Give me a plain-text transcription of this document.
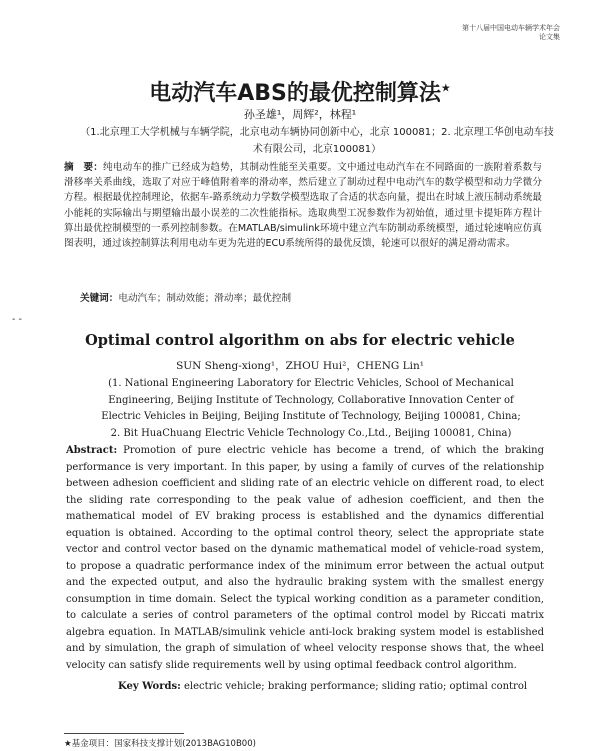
第十八届中国电动车辆学术年会
论文集
电动汽车ABS的最优控制算法★
孙圣雄¹，周辉²，林程¹
（1.北京理工大学机械与车辆学院，北京电动车辆协同创新中心，北京 100081；2. 北京理工华创电动车技术有限公司，北京100081）
摘　要：纯电动车的推广已经成为趋势，其制动性能至关重要。文中通过电动汽车在不同路面的一族附着系数与滑移率关系曲线，选取了对应于峰值附着率的滑动率，然后建立了制动过程中电动汽车的数学模型和动力学微分方程。根据最优控制理论，依据车-路系统动力学数学模型选取了合适的状态向量，提出在时域上液压制动系统最小能耗的实际输出与期望输出最小误差的二次性能指标。选取典型工况参数作为初始值，通过里卡提矩阵方程计算出最优控制模型的一系列控制参数。在MATLAB/simulink环境中建立汽车防制动系统模型，通过轮速响应仿真图表明，通过该控制算法利用电动车更为先进的ECU系统所得的最优反馈，轮速可以很好的满足滑动需求。
关键词：电动汽车；制动效能；滑动率；最优控制
- -
Optimal control algorithm on abs for electric vehicle
SUN Sheng-xiong¹，ZHOU Hui²，CHENG Lin¹
(1. National Engineering Laboratory for Electric Vehicles, School of Mechanical Engineering, Beijing Institute of Technology, Collaborative Innovation Center of Electric Vehicles in Beijing, Beijing Institute of Technology, Beijing 100081, China; 2. Bit HuaChuang Electric Vehicle Technology Co.,Ltd., Beijing 100081, China)
Abstract: Promotion of pure electric vehicle has become a trend, of which the braking performance is very important. In this paper, by using a family of curves of the relationship between adhesion coefficient and sliding rate of an electric vehicle on different road, to elect the sliding rate corresponding to the peak value of adhesion coefficient, and then the mathematical model of EV braking process is established and the dynamics differential equation is obtained. According to the optimal control theory, select the appropriate state vector and control vector based on the dynamic mathematical model of vehicle-road system, to propose a quadratic performance index of the minimum error between the actual output and the expected output, and also the hydraulic braking system with the smallest energy consumption in time domain. Select the typical working condition as a parameter condition, to calculate a series of control parameters of the optimal control model by Riccati matrix algebra equation. In MATLAB/simulink vehicle anti-lock braking system model is established and by simulation, the graph of simulation of wheel velocity response shows that, the wheel velocity can satisfy slide requirements well by using optimal feedback control algorithm.
Key Words: electric vehicle; braking performance; sliding ratio; optimal control
★基金项目：国家科技支撑计划(2013BAG10B00)
